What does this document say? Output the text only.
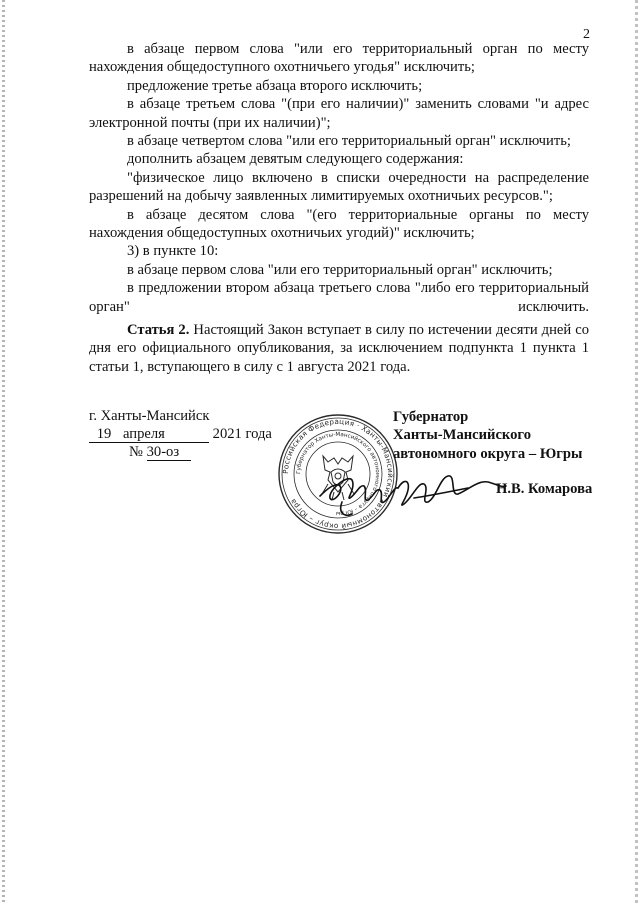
2

в абзаце первом слова "или его территориальный орган по месту нахождения общедоступного охотничьего угодья" исключить;

предложение третье абзаца второго исключить;

в абзаце третьем слова "(при его наличии)" заменить словами "и адрес электронной почты (при их наличии)";

в абзаце четвертом слова "или его территориальный орган" исключить;

дополнить абзацем девятым следующего содержания:

"физическое лицо включено в списки очередности на распределение разрешений на добычу заявленных лимитируемых охотничьих ресурсов.";

в абзаце десятом слова "(его территориальные органы по месту нахождения общедоступных охотничьих угодий)" исключить;

3) в пункте 10:

в абзаце первом слова "или его территориальный орган" исключить;

в предложении втором абзаца третьего слова "либо его территориальный орган" исключить.

Статья 2. Настоящий Закон вступает в силу по истечении десяти дней со дня его официального опубликования, за исключением подпункта 1 пункта 1 статьи 1, вступающего в силу с 1 августа 2021 года.

г. Ханты-Мансийск
19 апреля	2021 года
№ 30-оз
Российская Федерация · Ханты-Мансийский автономный округ – Югра
Губернатор Ханты-Мансийского автономного округа – Югры
Губернатор
Ханты-Мансийского
автономного округа – Югры
Н.В. Комарова
